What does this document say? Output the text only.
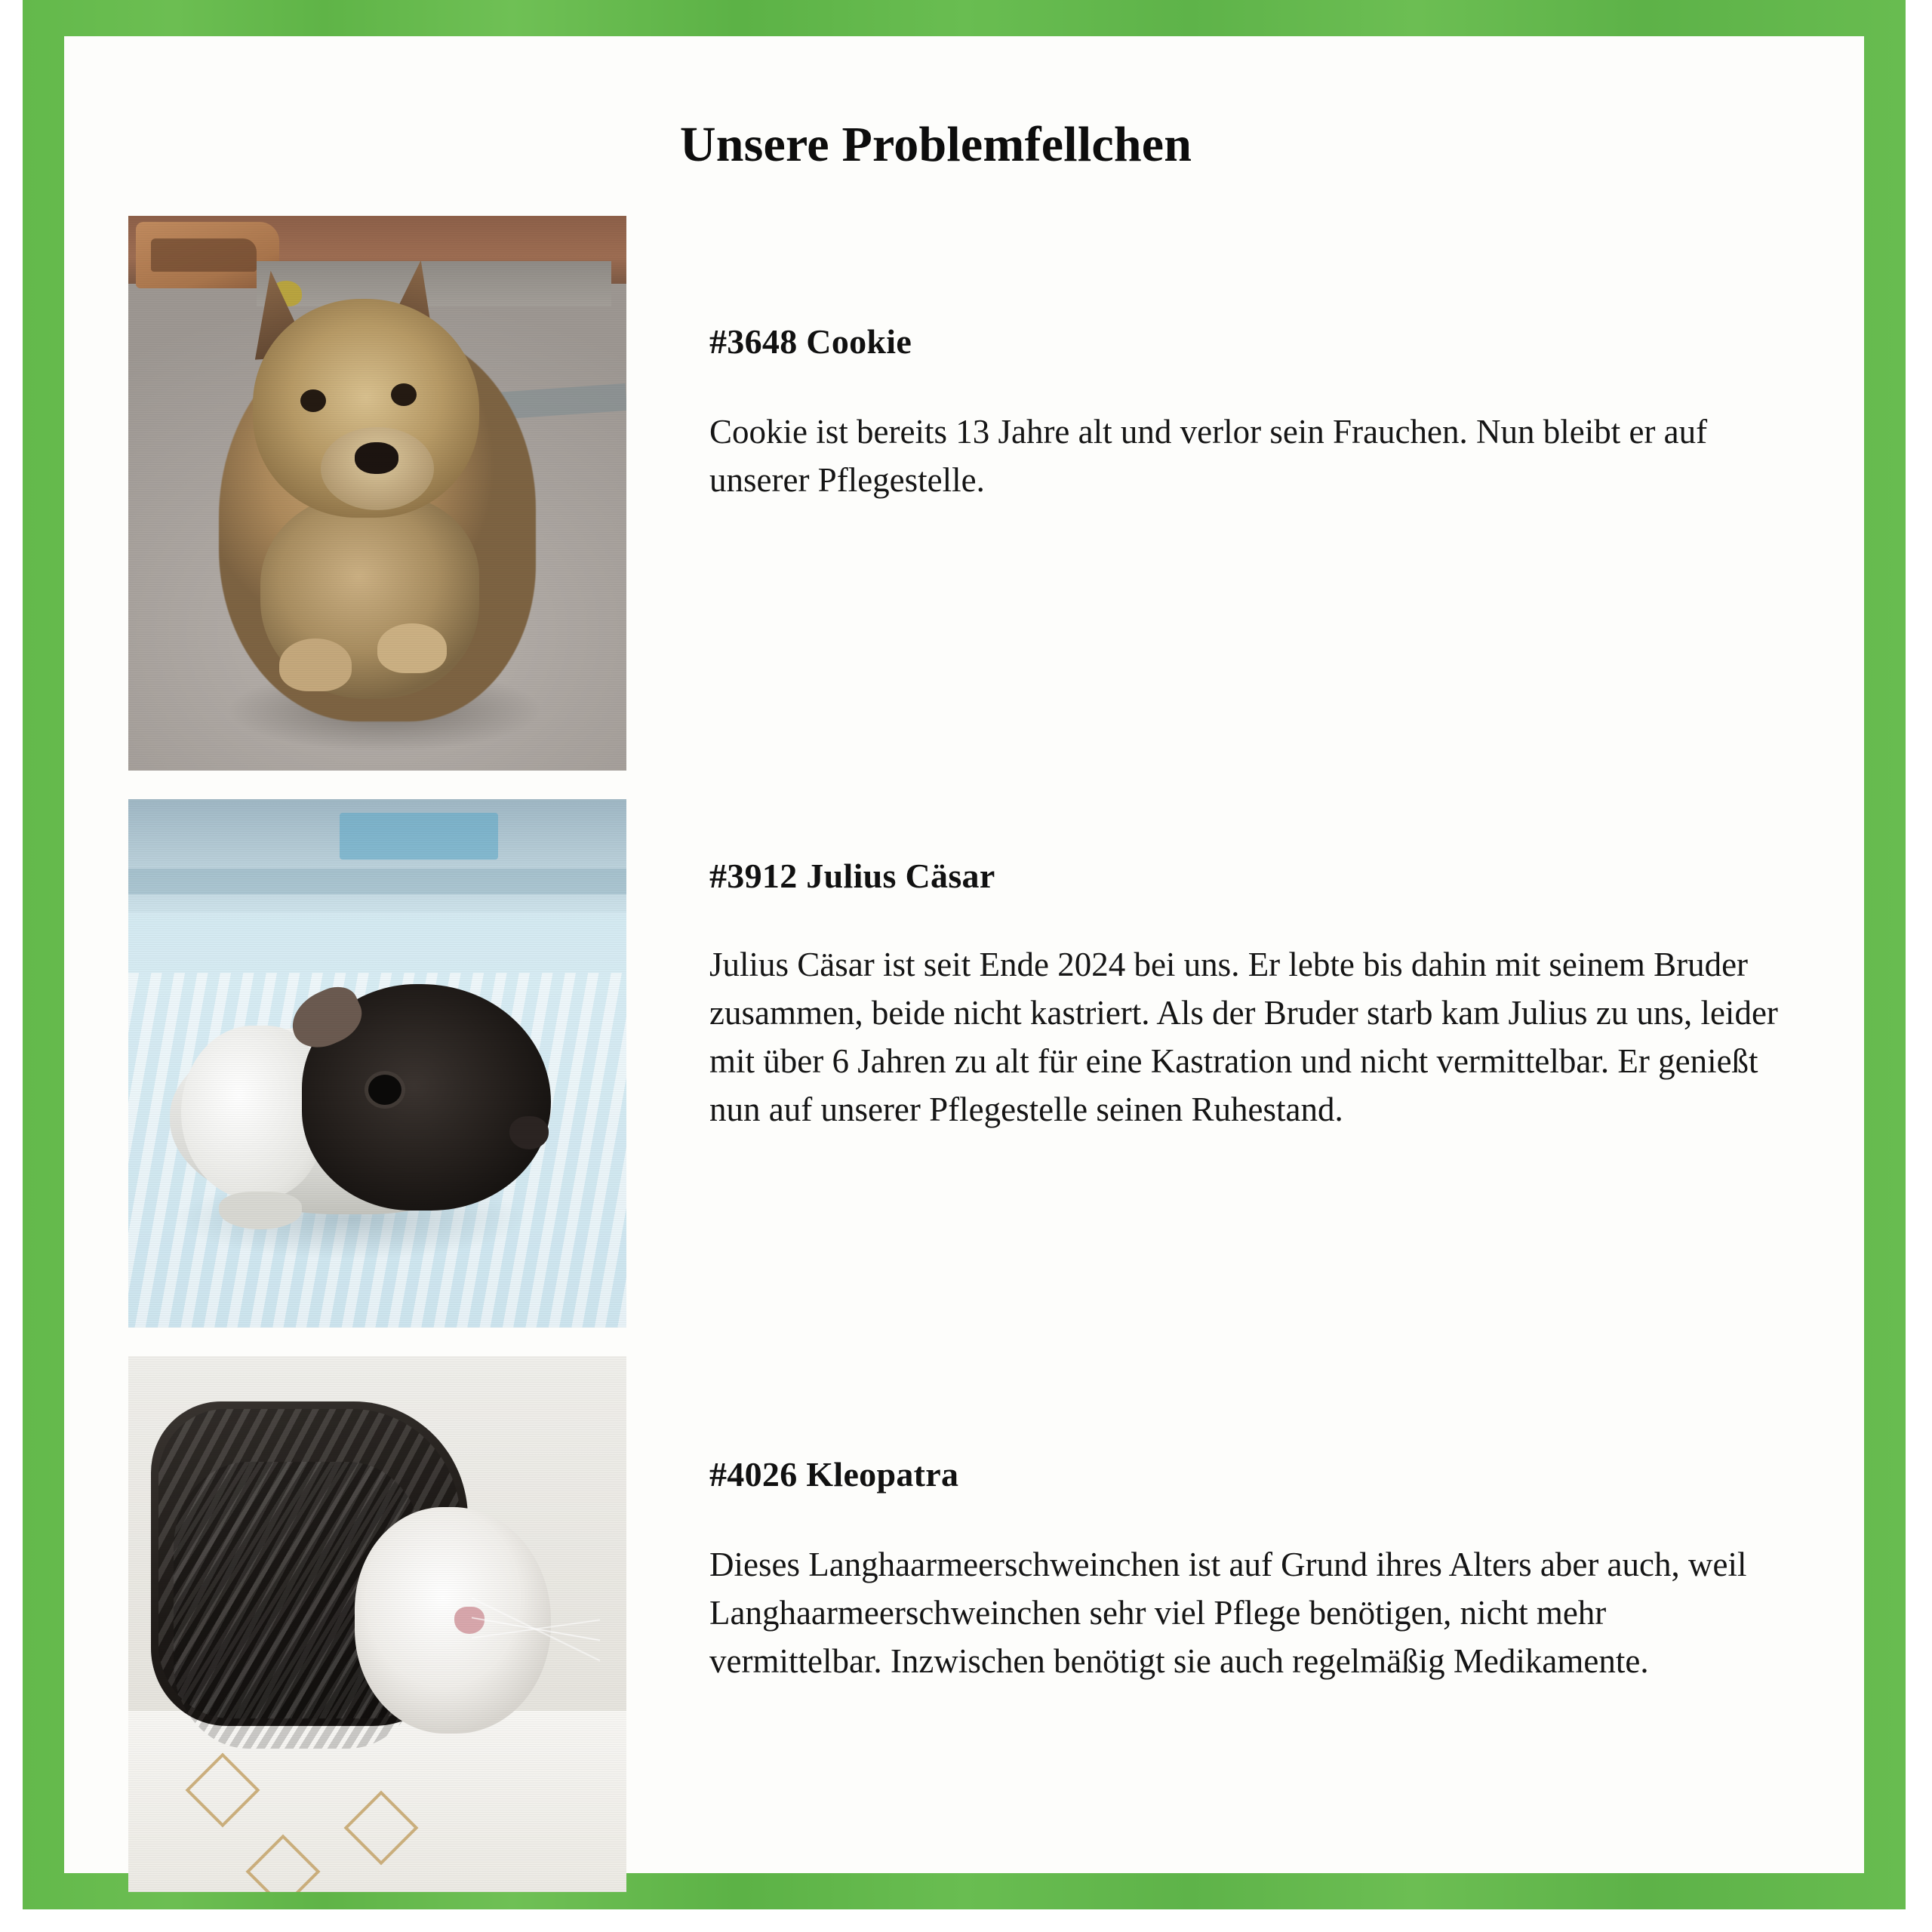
Unsere Problemfellchen

#3648 Cookie

Cookie ist bereits 13 Jahre alt und verlor sein Frauchen. Nun bleibt er auf unserer Pflegestelle.

#3912 Julius Cäsar

Julius Cäsar ist seit Ende 2024 bei uns. Er lebte bis dahin mit seinem Bruder zusammen, beide nicht kastriert. Als der Bruder starb kam Julius zu uns, leider mit über 6 Jahren zu alt für eine Kastration und nicht vermittelbar. Er genießt nun auf unserer Pflegestelle seinen Ruhestand.

#4026 Kleopatra

Dieses Langhaarmeerschweinchen ist auf Grund ihres Alters aber auch, weil Langhaarmeerschweinchen sehr viel Pflege benötigen, nicht mehr vermittelbar. Inzwischen benötigt sie auch regelmäßig Medikamente.
